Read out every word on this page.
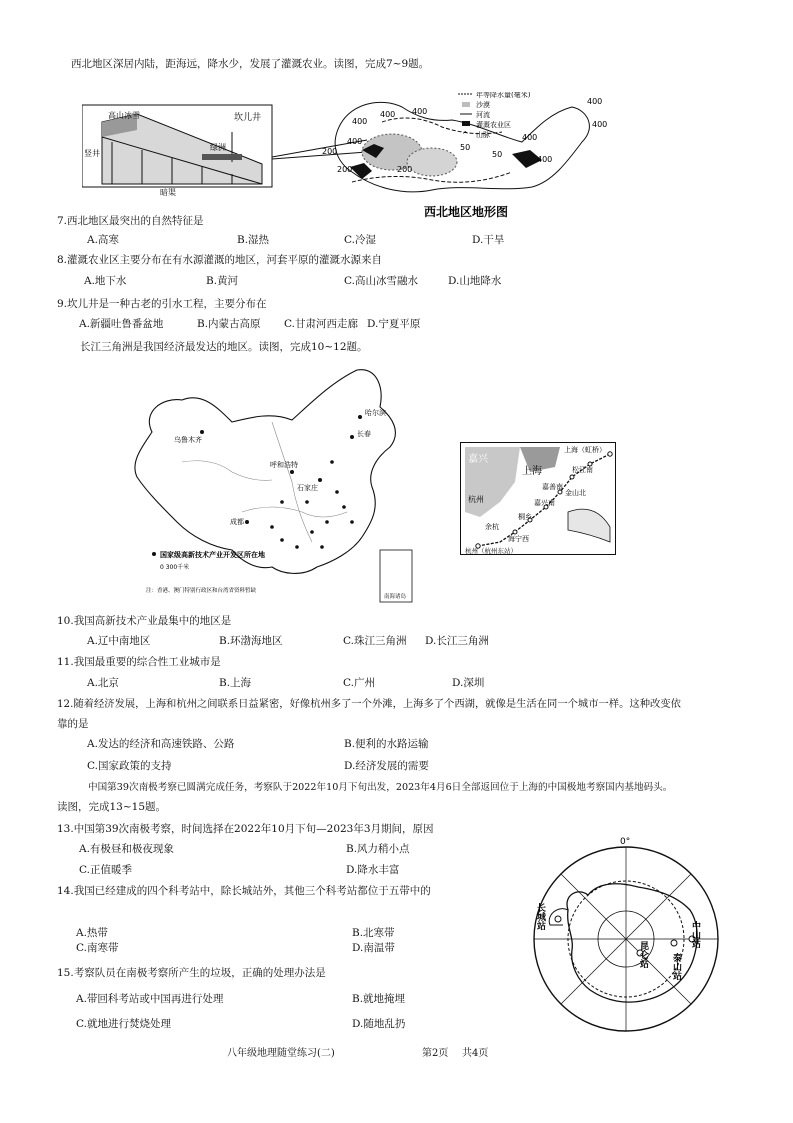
西北地区深居内陆，距海远，降水少，发展了灌溉农业。读图，完成7~9题。
高山冰雪	坎儿井
竖井
暗渠
绿洲
400 400
400
400
200
200	200
400
50
50
400
400
400
年等降水量(毫米)
沙漠
河流
灌溉农业区
^ 山脉
西北地区地形图
7.西北地区最突出的自然特征是
A.高寒	B.湿热	C.冷湿	D.干旱
8.灌溉农业区主要分布在有水源灌溉的地区，河套平原的灌溉水源来自
A.地下水	B.黄河	C.高山冰雪融水	D.山地降水
9.坎儿井是一种古老的引水工程，主要分布在
A.新疆吐鲁番盆地	B.内蒙古高原 C.甘肃河西走廊 D.宁夏平原
长江三角洲是我国经济最发达的地区。读图，完成10~12题。
哈尔滨
长春
乌鲁木齐
呼和浩特
石家庄
成都
国家级高新技术产业开发区所在地
0 300千米
注：香港、澳门特别行政区和台湾省资料暂缺
南海诸岛
上海（虹桥）
上海	松江南
嘉兴
嘉善南
金山北
嘉兴南
杭州
余杭
桐乡
海宁西
杭州（杭州东站）
10.我国高新技术产业最集中的地区是
A.辽中南地区	B.环渤海地区	C.珠江三角洲 D.长江三角洲
11.我国最重要的综合性工业城市是
A.北京	B.上海	C.广州	D.深圳
12.随着经济发展，上海和杭州之间联系日益紧密，好像杭州多了一个外滩，上海多了个西湖，就像是生活在同一个城市一样。这种改变依
靠的是
A.发达的经济和高速铁路、公路	B.便利的水路运输
C.国家政策的支持	D.经济发展的需要
中国第39次南极考察已圆满完成任务，考察队于2022年10月下旬出发，2023年4月6日全部返回位于上海的中国极地考察国内基地码头。
读图，完成13~15题。
13.中国第39次南极考察，时间选择在2022年10月下旬—2023年3月期间，原因
A.有极昼和极夜现象	B.风力稍小点
C.正值暖季	D.降水丰富
14.我国已经建成的四个科考站中，除长城站外，其他三个科考站都位于五带中的
A.热带	B.北寒带
C.南寒带	D.南温带
15.考察队员在南极考察所产生的垃圾，正确的处理办法是
A.带回科考站或中国再进行处理	B.就地掩埋
C.就地进行焚烧处理	D.随地乱扔
0°
长城站
昆仑站
中山站
泰山站
八年级地理随堂练习(二)	第2页 共4页
